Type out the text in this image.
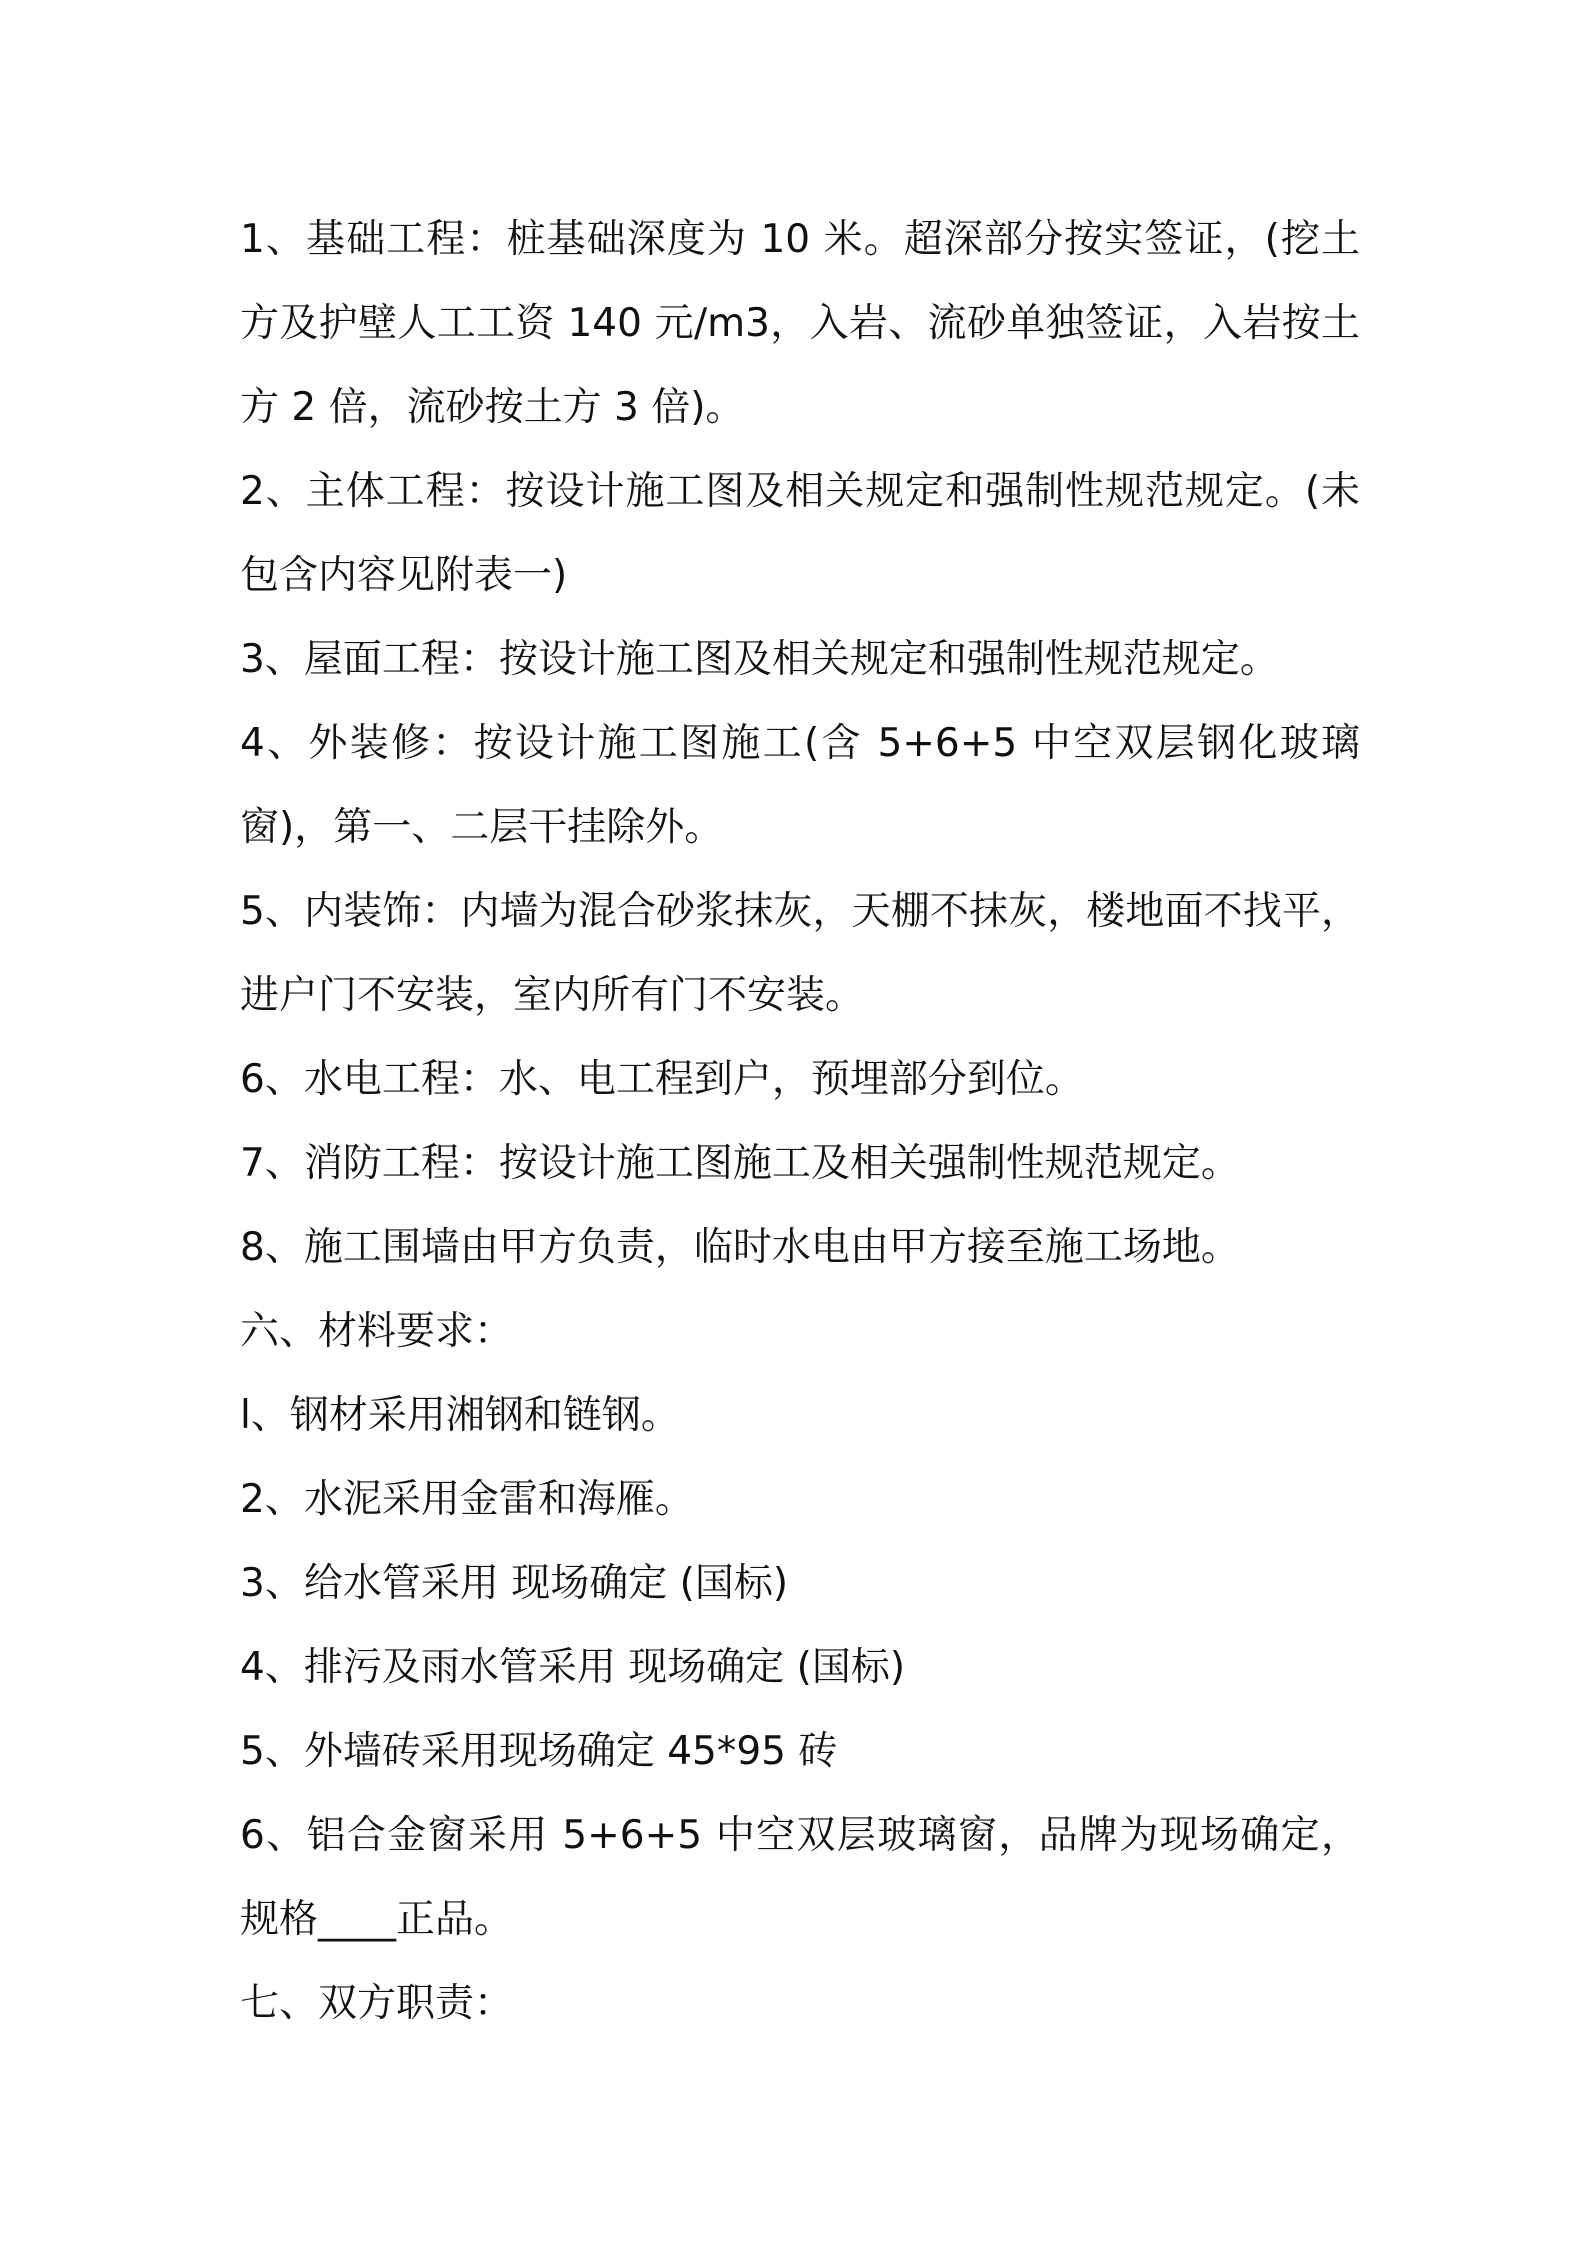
1、基础工程：桩基础深度为 10 米。超深部分按实签证，(挖土方及护壁人工工资 140 元/m3，入岩、流砂单独签证，入岩按土方 2 倍，流砂按土方 3 倍)。

2、主体工程：按设计施工图及相关规定和强制性规范规定。(未包含内容见附表一)

3、屋面工程：按设计施工图及相关规定和强制性规范规定。

4、外装修：按设计施工图施工(含 5+6+5 中空双层钢化玻璃窗)，第一、二层干挂除外。

5、内装饰：内墙为混合砂浆抹灰，天棚不抹灰，楼地面不找平，进户门不安装，室内所有门不安装。

6、水电工程：水、电工程到户，预埋部分到位。

7、消防工程：按设计施工图施工及相关强制性规范规定。

8、施工围墙由甲方负责，临时水电由甲方接至施工场地。

六、材料要求：

l、钢材采用湘钢和链钢。

2、水泥采用金雷和海雁。

3、给水管采用 现场确定 (国标)

4、排污及雨水管采用 现场确定 (国标)

5、外墙砖采用现场确定 45*95 砖

6、铝合金窗采用 5+6+5 中空双层玻璃窗，品牌为现场确定，规格____正品。

七、双方职责：
